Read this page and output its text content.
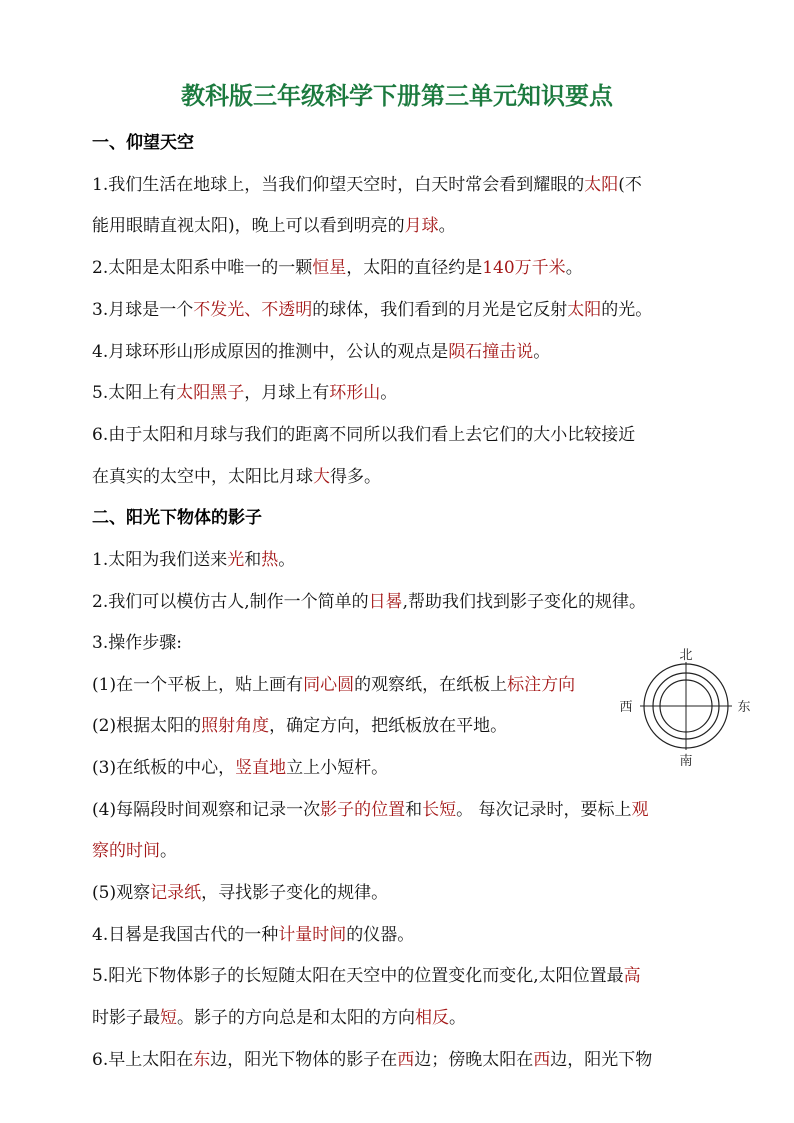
教科版三年级科学下册第三单元知识要点
一、仰望天空
1.我们生活在地球上，当我们仰望天空时，白天时常会看到耀眼的太阳(不
能用眼睛直视太阳)，晚上可以看到明亮的月球。
2.太阳是太阳系中唯一的一颗恒星，太阳的直径约是140万千米。
3.月球是一个不发光、不透明的球体，我们看到的月光是它反射太阳的光。
4.月球环形山形成原因的推测中，公认的观点是陨石撞击说。
5.太阳上有太阳黑子，月球上有环形山。
6.由于太阳和月球与我们的距离不同所以我们看上去它们的大小比较接近
在真实的太空中，太阳比月球大得多。
二、阳光下物体的影子
1.太阳为我们送来光和热。
2.我们可以模仿古人,制作一个简单的日晷,帮助我们找到影子变化的规律。
3.操作步骤:
(1)在一个平板上，贴上画有同心圆的观察纸，在纸板上标注方向
(2)根据太阳的照射角度，确定方向，把纸板放在平地。
(3)在纸板的中心，竖直地立上小短杆。
(4)每隔段时间观察和记录一次影子的位置和长短。 每次记录时，要标上观
察的时间。
(5)观察记录纸，寻找影子变化的规律。
4.日晷是我国古代的一种计量时间的仪器。
5.阳光下物体影子的长短随太阳在天空中的位置变化而变化,太阳位置最高
时影子最短。影子的方向总是和太阳的方向相反。
6.早上太阳在东边，阳光下物体的影子在西边；傍晚太阳在西边，阳光下物
北
南
西	东
